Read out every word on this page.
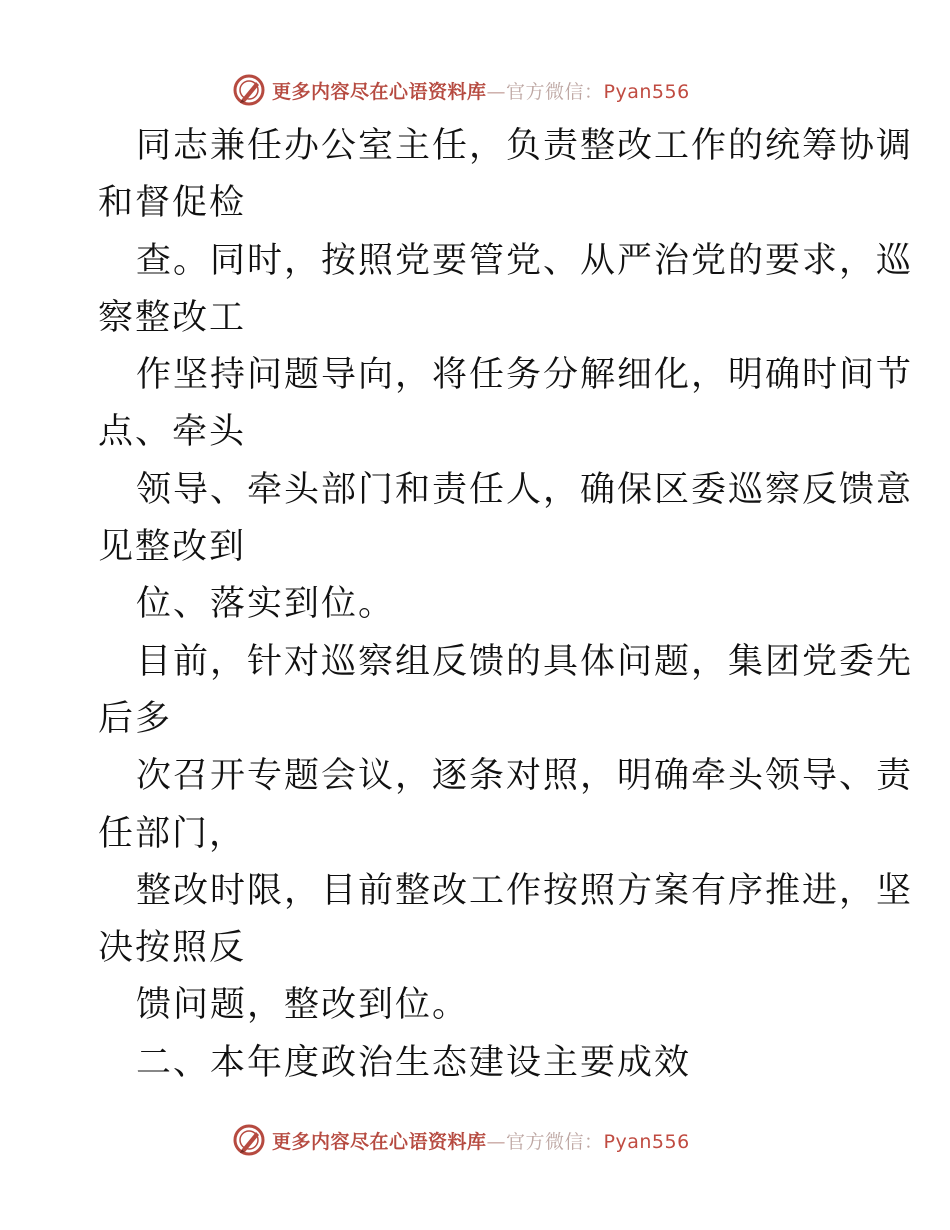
更多内容尽在心语资料库—官方微信：Pyan556
同志兼任办公室主任，负责整改工作的统筹协调
和督促检
查。同时，按照党要管党、从严治党的要求，巡
察整改工
作坚持问题导向，将任务分解细化，明确时间节
点、牵头
领导、牵头部门和责任人，确保区委巡察反馈意
见整改到
位、落实到位。
目前，针对巡察组反馈的具体问题，集团党委先
后多
次召开专题会议，逐条对照，明确牵头领导、责
任部门，
整改时限，目前整改工作按照方案有序推进，坚
决按照反
馈问题，整改到位。
二、本年度政治生态建设主要成效
更多内容尽在心语资料库—官方微信：Pyan556
